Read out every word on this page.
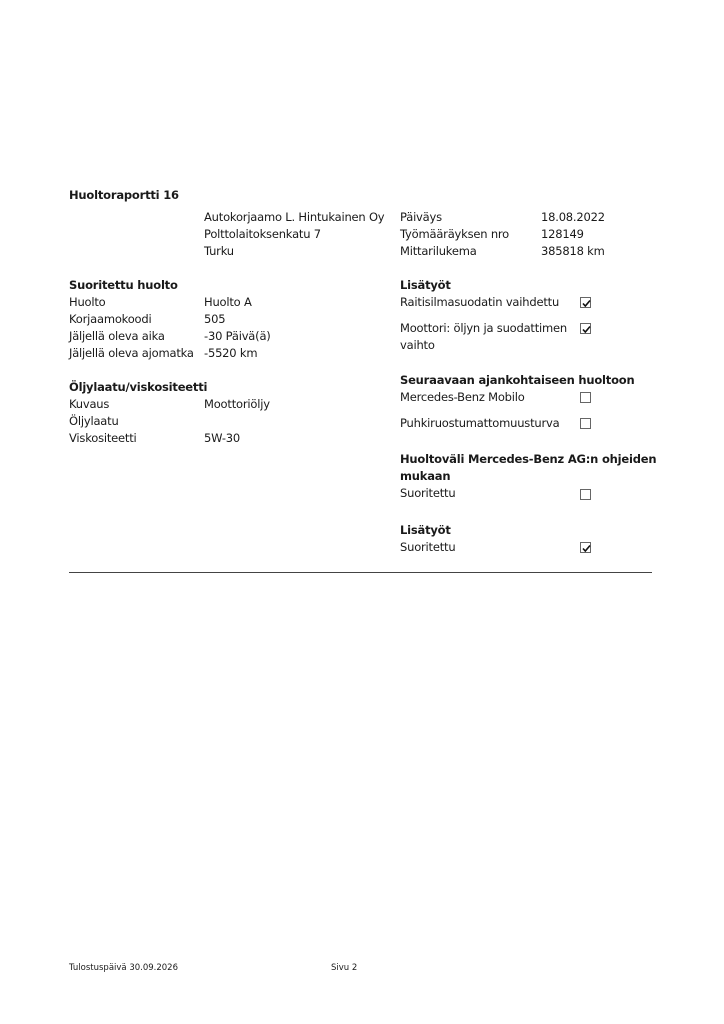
Huoltoraportti 16
Autokorjaamo L. Hintukainen Oy
Polttolaitoksenkatu 7
Turku
Päiväys	18.08.2022
Työmääräyksen nro	128149
Mittarilukema	385818 km
Suoritettu huolto
Huolto	Huolto A
Korjaamokoodi	505
Jäljellä oleva aika	-30 Päivä(ä)
Jäljellä oleva ajomatka -5520 km
Öljylaatu/viskositeetti
Kuvaus	Moottoriöljy
Öljylaatu
Viskositeetti	5W-30
Lisätyöt
Raitisilmasuodatin vaihdettu
Moottori: öljyn ja suodattimen
vaihto
Seuraavaan ajankohtaiseen huoltoon
Mercedes-Benz Mobilo
Puhkiruostumattomuusturva
Huoltoväli Mercedes-Benz AG:n ohjeiden
mukaan
Suoritettu
Lisätyöt
Suoritettu
Tulostuspäivä 30.09.2026	Sivu 2
